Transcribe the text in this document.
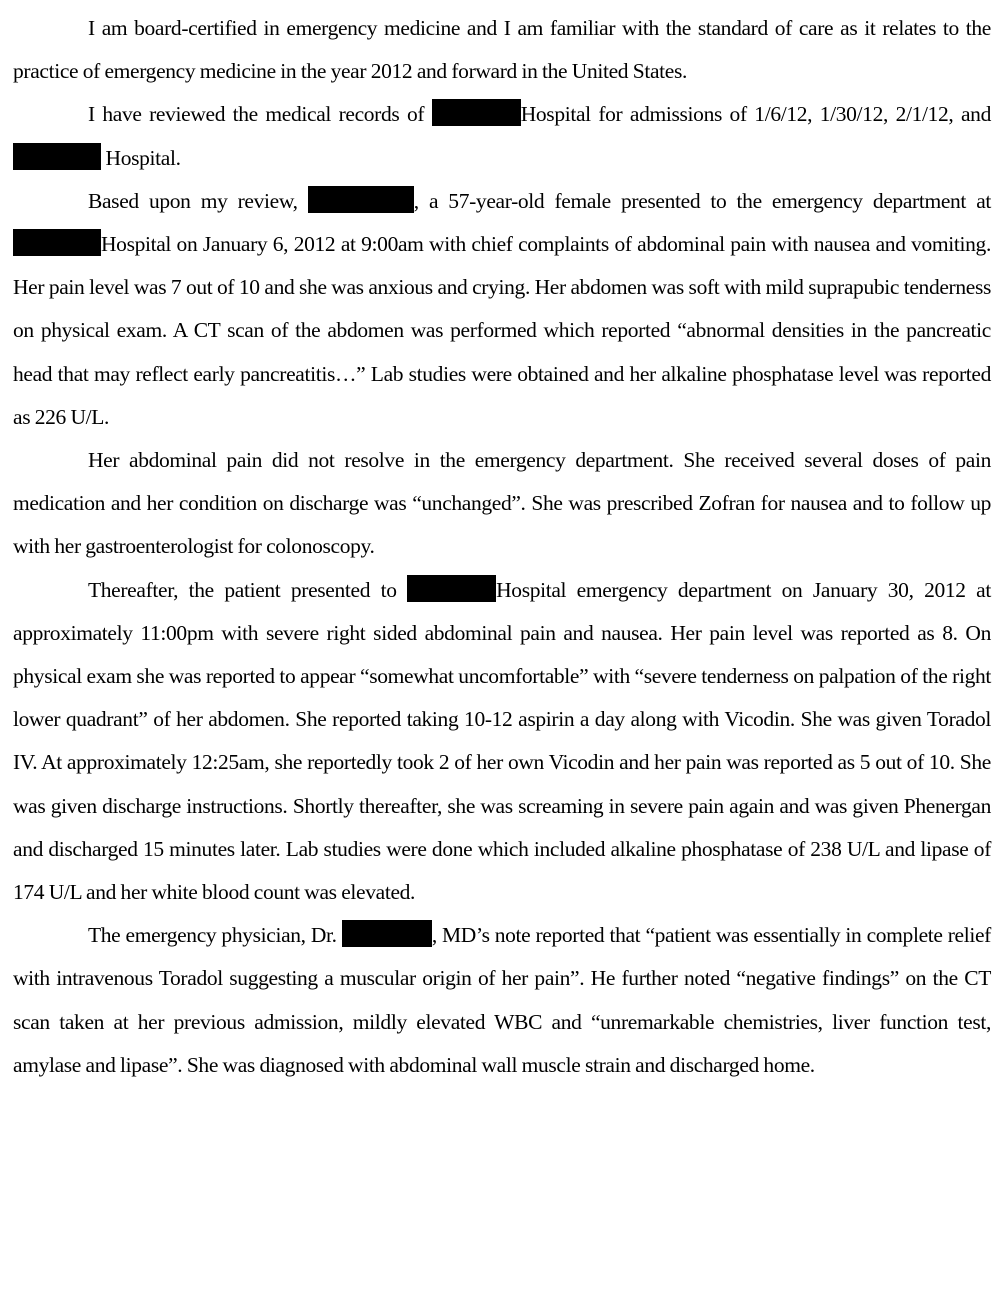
I am board-certified in emergency medicine and I am familiar with the standard of care as it relates to the practice of emergency medicine in the year 2012 and forward in the United States.

I have reviewed the medical records of	Hospital for admissions of 1/6/12, 1/30/12, 2/1/12, and  Hospital.

Based upon my review,	, a 57-year-old female presented to the emergency department at Hospital on January 6, 2012 at 9:00am with chief complaints of abdominal pain with nausea and vomiting. Her pain level was 7 out of 10 and she was anxious and crying. Her abdomen was soft with mild suprapubic tenderness on physical exam. A CT scan of the abdomen was performed which reported “abnormal densities in the pancreatic head that may reflect early pancreatitis…” Lab studies were obtained and her alkaline phosphatase level was reported as 226 U/L.

Her abdominal pain did not resolve in the emergency department. She received several doses of pain medication and her condition on discharge was “unchanged”. She was prescribed Zofran for nausea and to follow up with her gastroenterologist for colonoscopy.

Thereafter, the patient presented to	Hospital emergency department on January 30, 2012 at approximately 11:00pm with severe right sided abdominal pain and nausea. Her pain level was reported as 8. On physical exam she was reported to appear “somewhat uncomfortable” with “severe tenderness on palpation of the right lower quadrant” of her abdomen. She reported taking 10-12 aspirin a day along with Vicodin. She was given Toradol IV. At approximately 12:25am, she reportedly took 2 of her own Vicodin and her pain was reported as 5 out of 10. She was given discharge instructions. Shortly thereafter, she was screaming in severe pain again and was given Phenergan and discharged 15 minutes later. Lab studies were done which included alkaline phosphatase of 238 U/L and lipase of 174 U/L and her white blood count was elevated.

The emergency physician, Dr.	, MD’s note reported that “patient was essentially in complete relief with intravenous Toradol suggesting a muscular origin of her pain”. He further noted “negative findings” on the CT scan taken at her previous admission, mildly elevated WBC and “unremarkable chemistries, liver function test, amylase and lipase”. She was diagnosed with abdominal wall muscle strain and discharged home.
